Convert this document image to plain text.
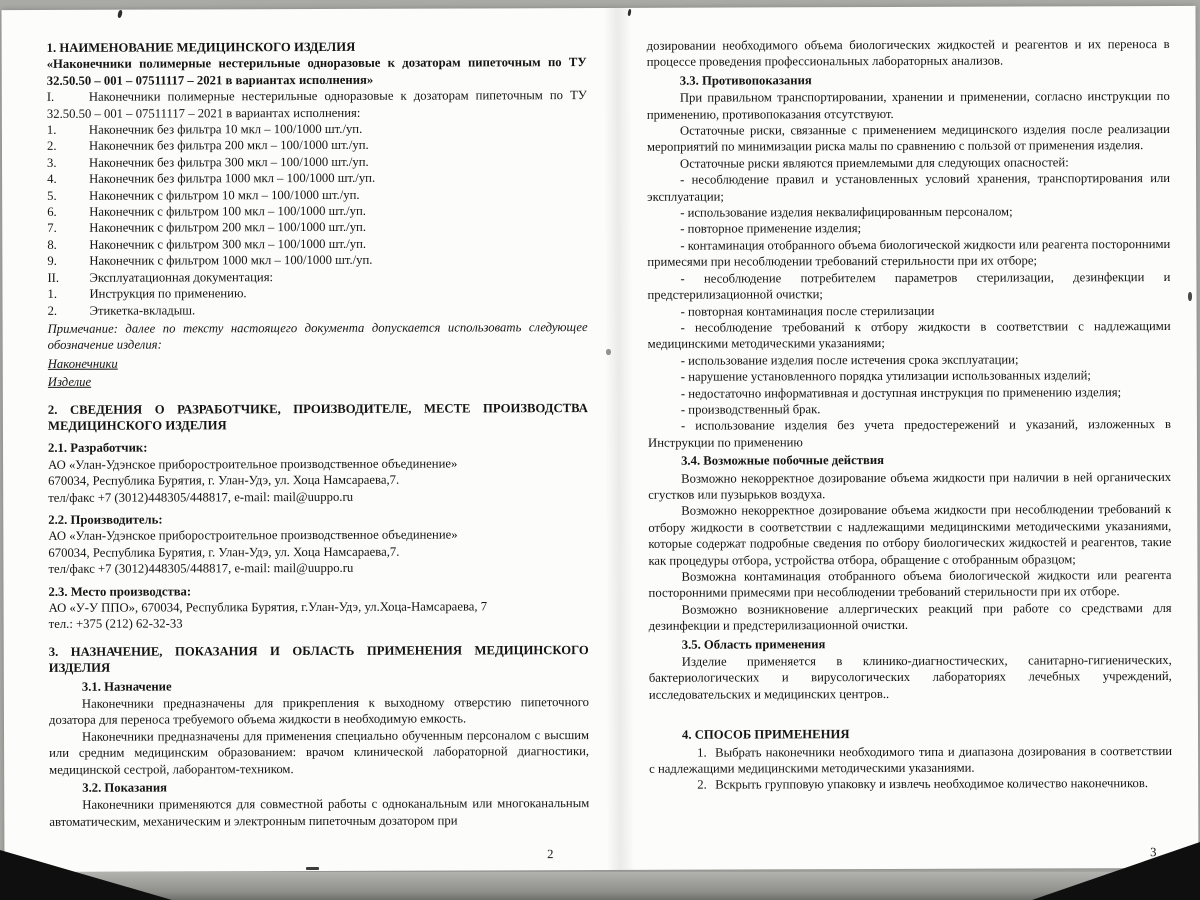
1. НАИМЕНОВАНИЕ МЕДИЦИНСКОГО ИЗДЕЛИЯ
«Наконечники полимерные нестерильные одноразовые к дозаторам пипеточным по ТУ 32.50.50 – 001 – 07511117 – 2021 в вариантах исполнения»
I.	Наконечники полимерные нестерильные одноразовые к дозаторам пипеточным по ТУ 32.50.50 – 001 – 07511117 – 2021 в вариантах исполнения:
1.	Наконечник без фильтра 10 мкл – 100/1000 шт./уп.
2.	Наконечник без фильтра 200 мкл – 100/1000 шт./уп.
3.	Наконечник без фильтра 300 мкл – 100/1000 шт./уп.
4.	Наконечник без фильтра 1000 мкл – 100/1000 шт./уп.
5.	Наконечник с фильтром 10 мкл – 100/1000 шт./уп.
6.	Наконечник с фильтром 100 мкл – 100/1000 шт./уп.
7.	Наконечник с фильтром 200 мкл – 100/1000 шт./уп.
8.	Наконечник с фильтром 300 мкл – 100/1000 шт./уп.
9.	Наконечник с фильтром 1000 мкл – 100/1000 шт./уп.
II. Эксплуатационная документация:
1.	Инструкция по применению.
2.	Этикетка-вкладыш.
Примечание: далее по тексту настоящего документа допускается использовать следующее обозначение изделия:
Наконечники
Изделие
2. СВЕДЕНИЯ О РАЗРАБОТЧИКЕ, ПРОИЗВОДИТЕЛЕ, МЕСТЕ ПРОИЗВОДСТВА МЕДИЦИНСКОГО ИЗДЕЛИЯ
2.1. Разработчик:
АО «Улан-Удэнское приборостроительное производственное объединение»
670034, Республика Бурятия, г. Улан-Удэ, ул. Хоца Намсараева,7.
тел/факс +7 (3012)448305/448817, e-mail: mail@uuppo.ru
2.2. Производитель:
АО «Улан-Удэнское приборостроительное производственное объединение»
670034, Республика Бурятия, г. Улан-Удэ, ул. Хоца Намсараева,7.
тел/факс +7 (3012)448305/448817, e-mail: mail@uuppo.ru
2.3. Место производства:
АО «У-У ППО», 670034, Республика Бурятия, г.Улан-Удэ, ул.Хоца-Намсараева, 7
тел.: +375 (212) 62-32-33
3. НАЗНАЧЕНИЕ, ПОКАЗАНИЯ И ОБЛАСТЬ ПРИМЕНЕНИЯ МЕДИЦИНСКОГО ИЗДЕЛИЯ
3.1. Назначение
Наконечники предназначены для прикрепления к выходному отверстию пипеточного дозатора для переноса требуемого объема жидкости в необходимую емкость.
Наконечники предназначены для применения специально обученным персоналом с высшим или средним медицинским образованием: врачом клинической лабораторной диагностики, медицинской сестрой, лаборантом-техником.
3.2. Показания
Наконечники применяются для совместной работы с одноканальным или многоканальным автоматическим, механическим и электронным пипеточным дозатором при
2
дозировании необходимого объема биологических жидкостей и реагентов и их переноса в процессе проведения профессиональных лабораторных анализов.
3.3. Противопоказания
При правильном транспортировании, хранении и применении, согласно инструкции по применению, противопоказания отсутствуют.
Остаточные риски, связанные с применением медицинского изделия после реализации мероприятий по минимизации риска малы по сравнению с пользой от применения изделия.
Остаточные риски являются приемлемыми для следующих опасностей:
- несоблюдение правил и установленных условий хранения, транспортирования или эксплуатации;
- использование изделия неквалифицированным персоналом;
- повторное применение изделия;
- контаминация отобранного объема биологической жидкости или реагента посторонними примесями при несоблюдении требований стерильности при их отборе;
- несоблюдение потребителем параметров стерилизации, дезинфекции и предстерилизационной очистки;
- повторная контаминация после стерилизации
- несоблюдение требований к отбору жидкости в соответствии с надлежащими медицинскими методическими указаниями;
- использование изделия после истечения срока эксплуатации;
- нарушение установленного порядка утилизации использованных изделий;
- недостаточно информативная и доступная инструкция по применению изделия;
- производственный брак.
- использование изделия без учета предостережений и указаний, изложенных в Инструкции по применению
3.4. Возможные побочные действия
Возможно некорректное дозирование объема жидкости при наличии в ней органических сгустков или пузырьков воздуха.
Возможно некорректное дозирование объема жидкости при несоблюдении требований к отбору жидкости в соответствии с надлежащими медицинскими методическими указаниями, которые содержат подробные сведения по отбору биологических жидкостей и реагентов, такие как процедуры отбора, устройства отбора, обращение с отобранным образцом;
Возможна контаминация отобранного объема биологической жидкости или реагента посторонними примесями при несоблюдении требований стерильности при их отборе.
Возможно возникновение аллергических реакций при работе со средствами для дезинфекции и предстерилизационной очистки.
3.5. Область применения
Изделие применяется в клинико-диагностических, санитарно-гигиенических, бактериологических и вирусологических лабораториях лечебных учреждений, исследовательских и медицинских центров..
4. СПОСОБ ПРИМЕНЕНИЯ
1. Выбрать наконечники необходимого типа и диапазона дозирования в соответствии с надлежащими медицинскими методическими указаниями.
2. Вскрыть групповую упаковку и извлечь необходимое количество наконечников.
3
